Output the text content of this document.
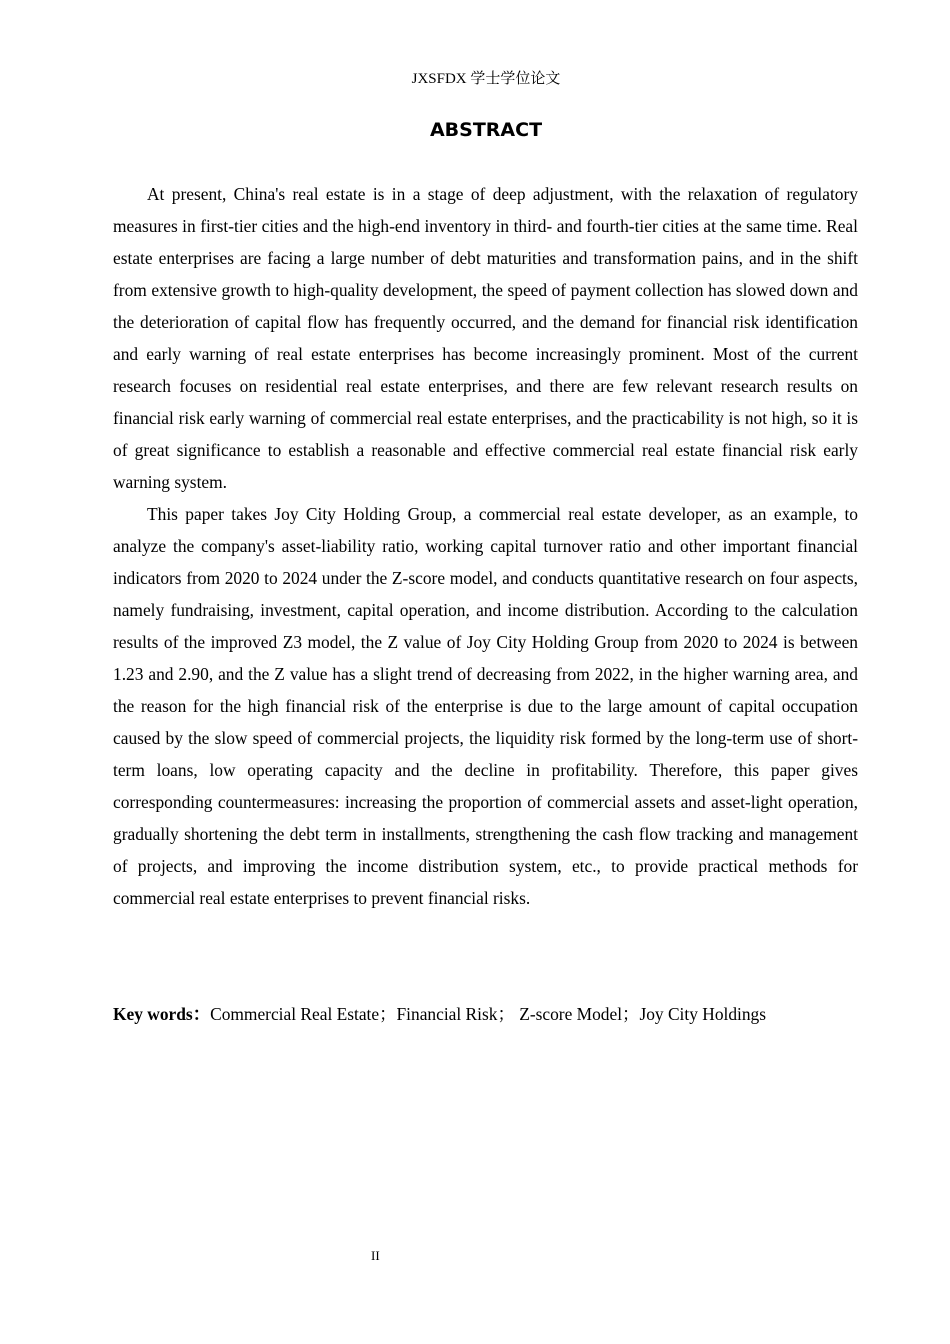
JXSFDX 学士学位论文
ABSTRACT

At present, China's real estate is in a stage of deep adjustment, with the relaxation of regulatory measures in first-tier cities and the high-end inventory in third- and fourth-tier cities at the same time. Real estate enterprises are facing a large number of debt maturities and transformation pains, and in the shift from extensive growth to high-quality development, the speed of payment collection has slowed down and the deterioration of capital flow has frequently occurred, and the demand for financial risk identification and early warning of real estate enterprises has become increasingly prominent. Most of the current research focuses on residential real estate enterprises, and there are few relevant research results on financial risk early warning of commercial real estate enterprises, and the practicability is not high, so it is of great significance to establish a reasonable and effective commercial real estate financial risk early warning system.

This paper takes Joy City Holding Group, a commercial real estate developer, as an example, to analyze the company's asset-liability ratio, working capital turnover ratio and other important financial indicators from 2020 to 2024 under the Z-score model, and conducts quantitative research on four aspects, namely fundraising, investment, capital operation, and income distribution. According to the calculation results of the improved Z3 model, the Z value of Joy City Holding Group from 2020 to 2024 is between 1.23 and 2.90, and the Z value has a slight trend of decreasing from 2022, in the higher warning area, and the reason for the high financial risk of the enterprise is due to the large amount of capital occupation caused by the slow speed of commercial projects, the liquidity risk formed by the long-term use of short-term loans, low operating capacity and the decline in profitability. Therefore, this paper gives corresponding countermeasures: increasing the proportion of commercial assets and asset-light operation, gradually shortening the debt term in installments, strengthening the cash flow tracking and management of projects, and improving the income distribution system, etc., to provide practical methods for commercial real estate enterprises to prevent financial risks.

Key words：Commercial Real Estate；Financial Risk； Z-score Model；Joy City Holdings
II
